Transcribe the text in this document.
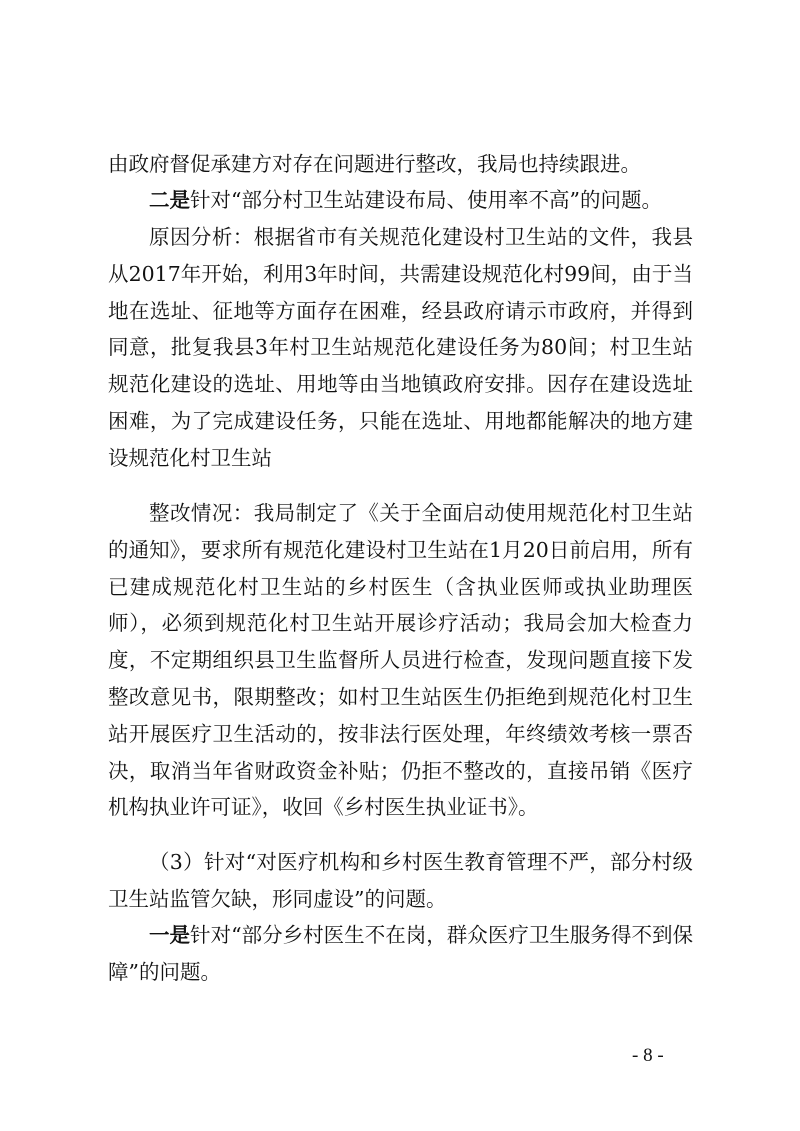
由政府督促承建方对存在问题进行整改，我局也持续跟进。

二是针对“部分村卫生站建设布局、使用率不高”的问题。

原因分析：根据省市有关规范化建设村卫生站的文件，我县从2017年开始，利用3年时间，共需建设规范化村99间，由于当地在选址、征地等方面存在困难，经县政府请示市政府，并得到同意，批复我县3年村卫生站规范化建设任务为80间；村卫生站规范化建设的选址、用地等由当地镇政府安排。因存在建设选址困难，为了完成建设任务，只能在选址、用地都能解决的地方建设规范化村卫生站

整改情况：我局制定了《关于全面启动使用规范化村卫生站的通知》，要求所有规范化建设村卫生站在1月20日前启用，所有已建成规范化村卫生站的乡村医生（含执业医师或执业助理医师），必须到规范化村卫生站开展诊疗活动；我局会加大检查力度，不定期组织县卫生监督所人员进行检查，发现问题直接下发整改意见书，限期整改；如村卫生站医生仍拒绝到规范化村卫生站开展医疗卫生活动的，按非法行医处理，年终绩效考核一票否决，取消当年省财政资金补贴；仍拒不整改的，直接吊销《医疗机构执业许可证》，收回《乡村医生执业证书》。

（3）针对“对医疗机构和乡村医生教育管理不严，部分村级卫生站监管欠缺，形同虚设”的问题。

一是针对“部分乡村医生不在岗，群众医疗卫生服务得不到保障”的问题。

- 8 -
